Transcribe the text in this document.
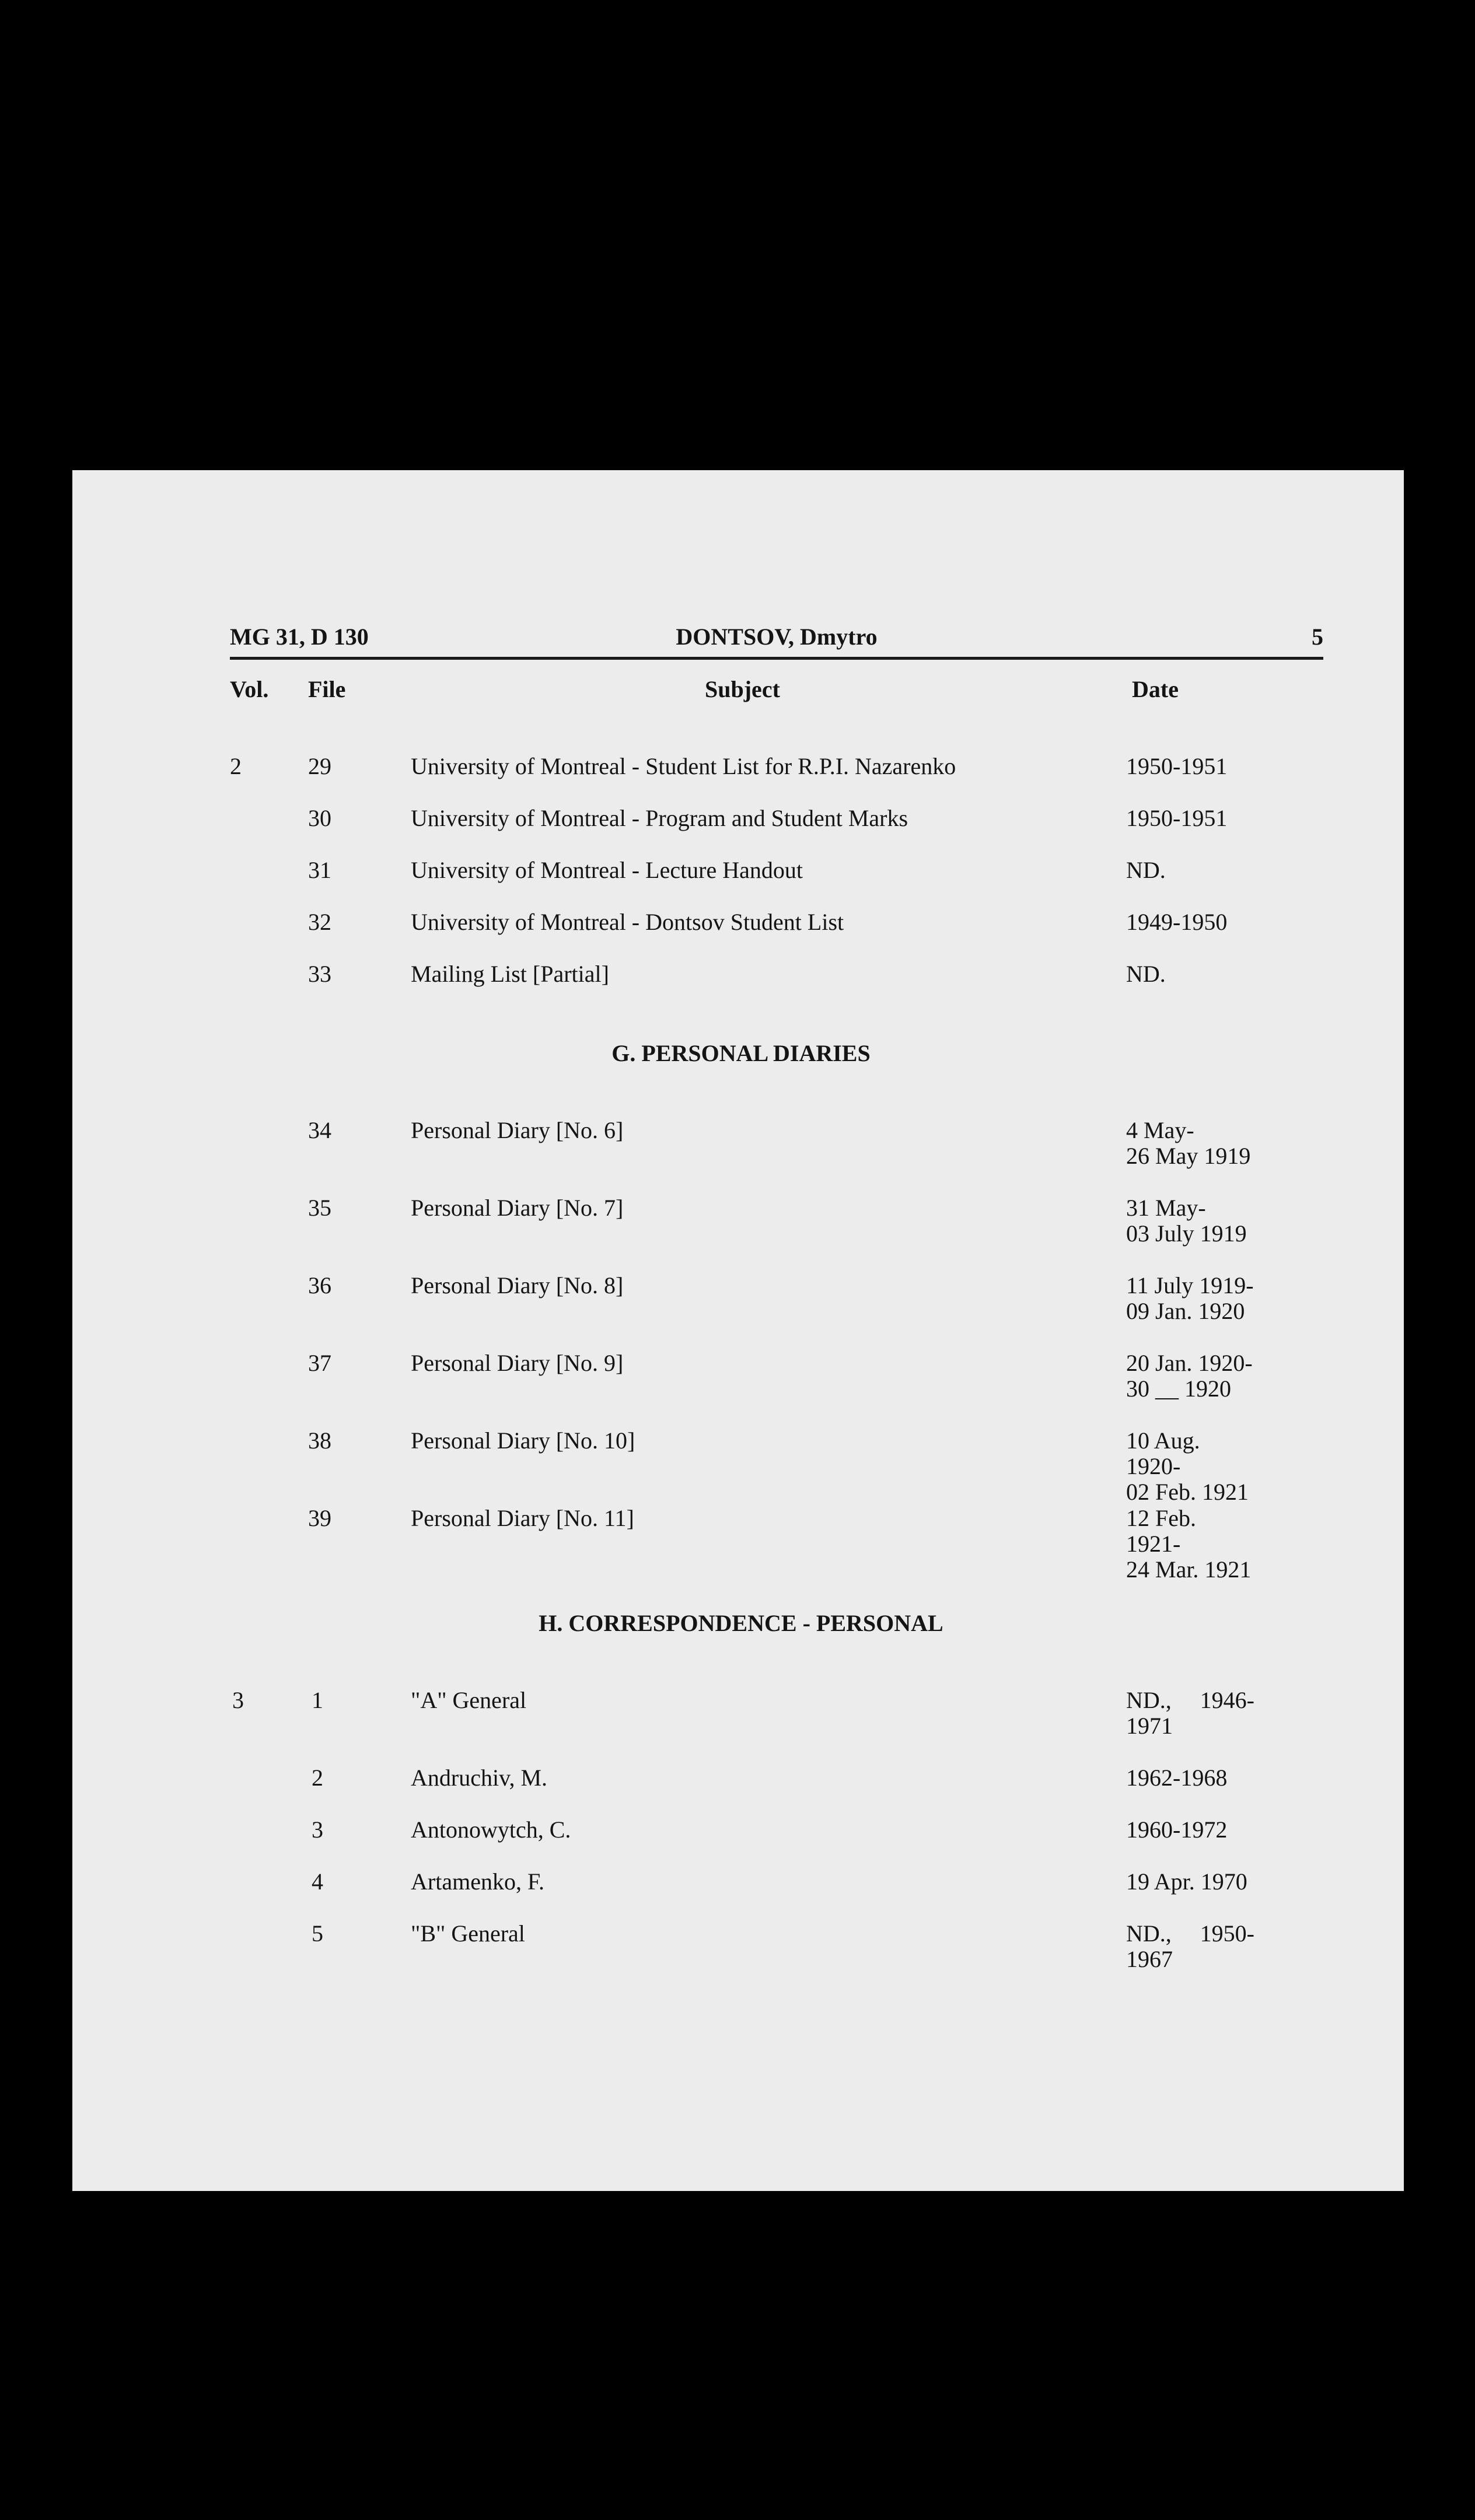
MG 31, D 130	DONTSOV, Dmytro	5
Vol. File	Subject	Date
2	29	University of Montreal - Student List for R.P.I. Nazarenko	1950-1951
30	University of Montreal - Program and Student Marks	1950-1951
31	University of Montreal - Lecture Handout	ND.
32	University of Montreal - Dontsov Student List	1949-1950
33	Mailing List [Partial]	ND.
G. PERSONAL DIARIES
34	Personal Diary [No. 6]	4 May-
26 May 1919
35	Personal Diary [No. 7]	31 May-
03 July 1919
36	Personal Diary [No. 8]	11 July 1919-
09 Jan. 1920
37	Personal Diary [No. 9]	20 Jan. 1920-
30 __ 1920
38	Personal Diary [No. 10]	10 Aug. 1920-
02 Feb. 1921
39	Personal Diary [No. 11]	12 Feb. 1921-
24 Mar. 1921
H. CORRESPONDENCE - PERSONAL
3	1	"A" General	ND., 1946-
1971
2	Andruchiv, M.	1962-1968
3	Antonowytch, C.	1960-1972
4	Artamenko, F.	19 Apr. 1970
5	"B" General	ND., 1950-
1967
